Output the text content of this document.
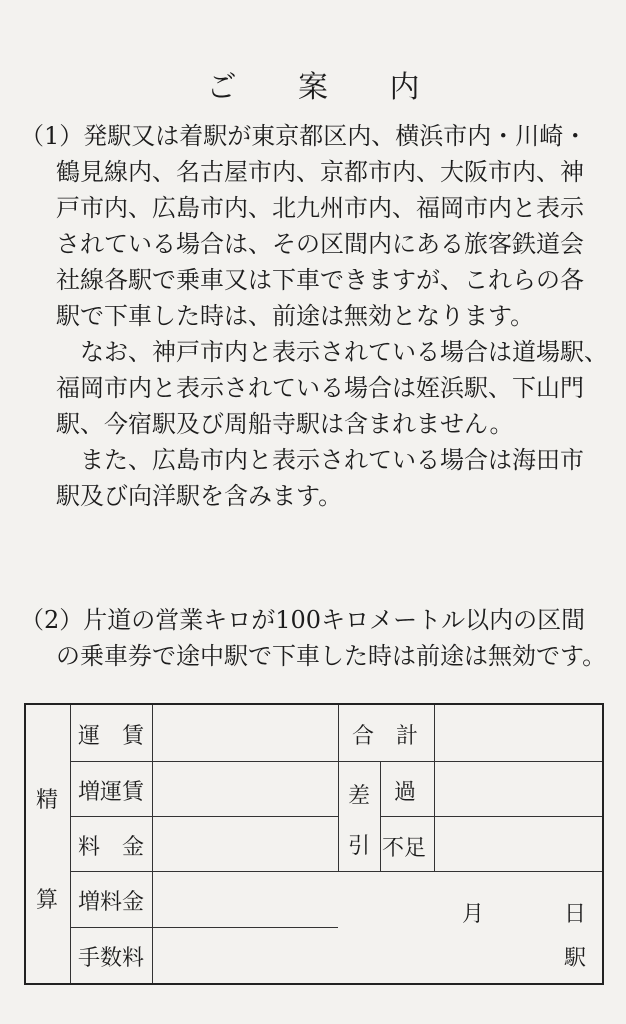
ご 案 内
（1）発駅又は着駅が東京都区内、横浜市内・川崎・
鶴見線内、名古屋市内、京都市内、大阪市内、神
戸市内、広島市内、北九州市内、福岡市内と表示
されている場合は、その区間内にある旅客鉄道会
社線各駅で乗車又は下車できますが、これらの各
駅で下車した時は、前途は無効となります。
　なお、神戸市内と表示されている場合は道場駅、
福岡市内と表示されている場合は姪浜駅、下山門
駅、今宿駅及び周船寺駅は含まれません。
　また、広島市内と表示されている場合は海田市
駅及び向洋駅を含みます。
（2）片道の営業キロが100キロメートル以内の区間
の乗車券で途中駅で下車した時は前途は無効です。
精
算
運　賃
増運賃
料　金
増料金
手数料
合　計
差
引
過
不足
月	日
駅
